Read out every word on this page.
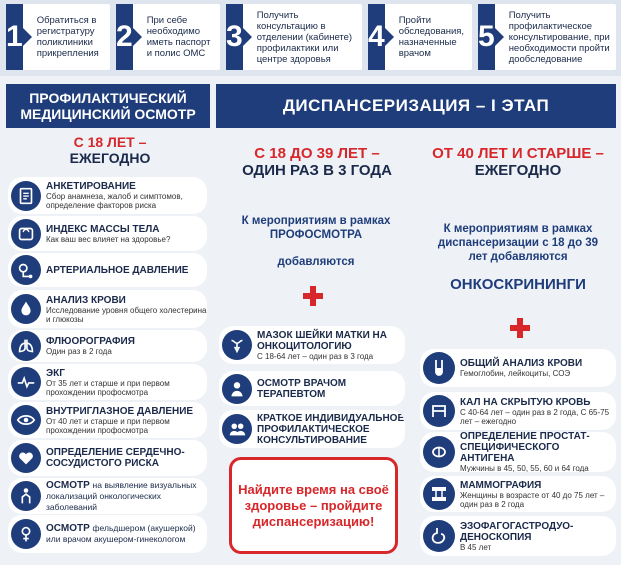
1	Обратиться в регистратуру поликлиники прикрепления
2	При себе необходимо иметь паспорт и полис ОМС
3
Получить консультацию в отделении (кабинете) профилактики или центре здоровья
4	Пройти обследования, назначенные врачом
5
Получить профилактическое консультирование, при необходимости пройти дообследование
ПРОФИЛАКТИЧЕСКИЙ МЕДИЦИНСКИЙ ОСМОТР	ДИСПАНСЕРИЗАЦИЯ – I ЭТАП
С 18 ЛЕТ –
ЕЖЕГОДНО	С 18 ДО 39 ЛЕТ –
ОДИН РАЗ В 3 ГОДА
К мероприятиям в рамках ПРОФОСМОТРА
добавляются
ОТ 40 ЛЕТ И СТАРШЕ –
ЕЖЕГОДНО
К мероприятиям в рамках диспансеризации с 18 до 39 лет добавляются
ОНКОСКРИНИНГИ
АНКЕТИРОВАНИЕ
Сбор анамнеза, жалоб и симптомов, определение факторов риска
ИНДЕКС МАССЫ ТЕЛА
Как ваш вес влияет на здоровье?
АРТЕРИАЛЬНОЕ ДАВЛЕНИЕ
АНАЛИЗ КРОВИ
Исследование уровня общего холестерина и глюкозы
ФЛЮОРОГРАФИЯ
Один раз в 2 года
ЭКГ
От 35 лет и старше и при первом прохождении профосмотра
ВНУТРИГЛАЗНОЕ ДАВЛЕНИЕ
От 40 лет и старше и при первом прохождении профосмотра
ОПРЕДЕЛЕНИЕ СЕРДЕЧНО-СОСУДИСТОГО РИСКА
ОСМОТР на выявление визуальных локализаций онкологических заболеваний
ОСМОТР фельдшером (акушеркой) или врачом акушером-гинекологом
МАЗОК ШЕЙКИ МАТКИ НА ОНКОЦИТОЛОГИЮ
С 18-64 лет – один раз в 3 года
ОСМОТР ВРАЧОМ ТЕРАПЕВТОМ
КРАТКОЕ ИНДИВИДУАЛЬНОЕ ПРОФИЛАКТИЧЕСКОЕ КОНСУЛЬТИРОВАНИЕ
ОБЩИЙ АНАЛИЗ КРОВИ
Гемоглобин, лейкоциты, СОЭ
КАЛ НА СКРЫТУЮ КРОВЬ
С 40-64 лет – один раз в 2 года, С 65-75 лет – ежегодно
ОПРЕДЕЛЕНИЕ ПРОСТАТ-СПЕЦИФИЧЕСКОГО АНТИГЕНА
Мужчины в 45, 50, 55, 60 и 64 года
МАММОГРАФИЯ
Женщины в возрасте от 40 до 75 лет – один раз в 2 года
ЭЗОФАГОГАСТРОДУО-ДЕНОСКОПИЯ
В 45 лет
Найдите время на своё здоровье – пройдите диспансеризацию!
